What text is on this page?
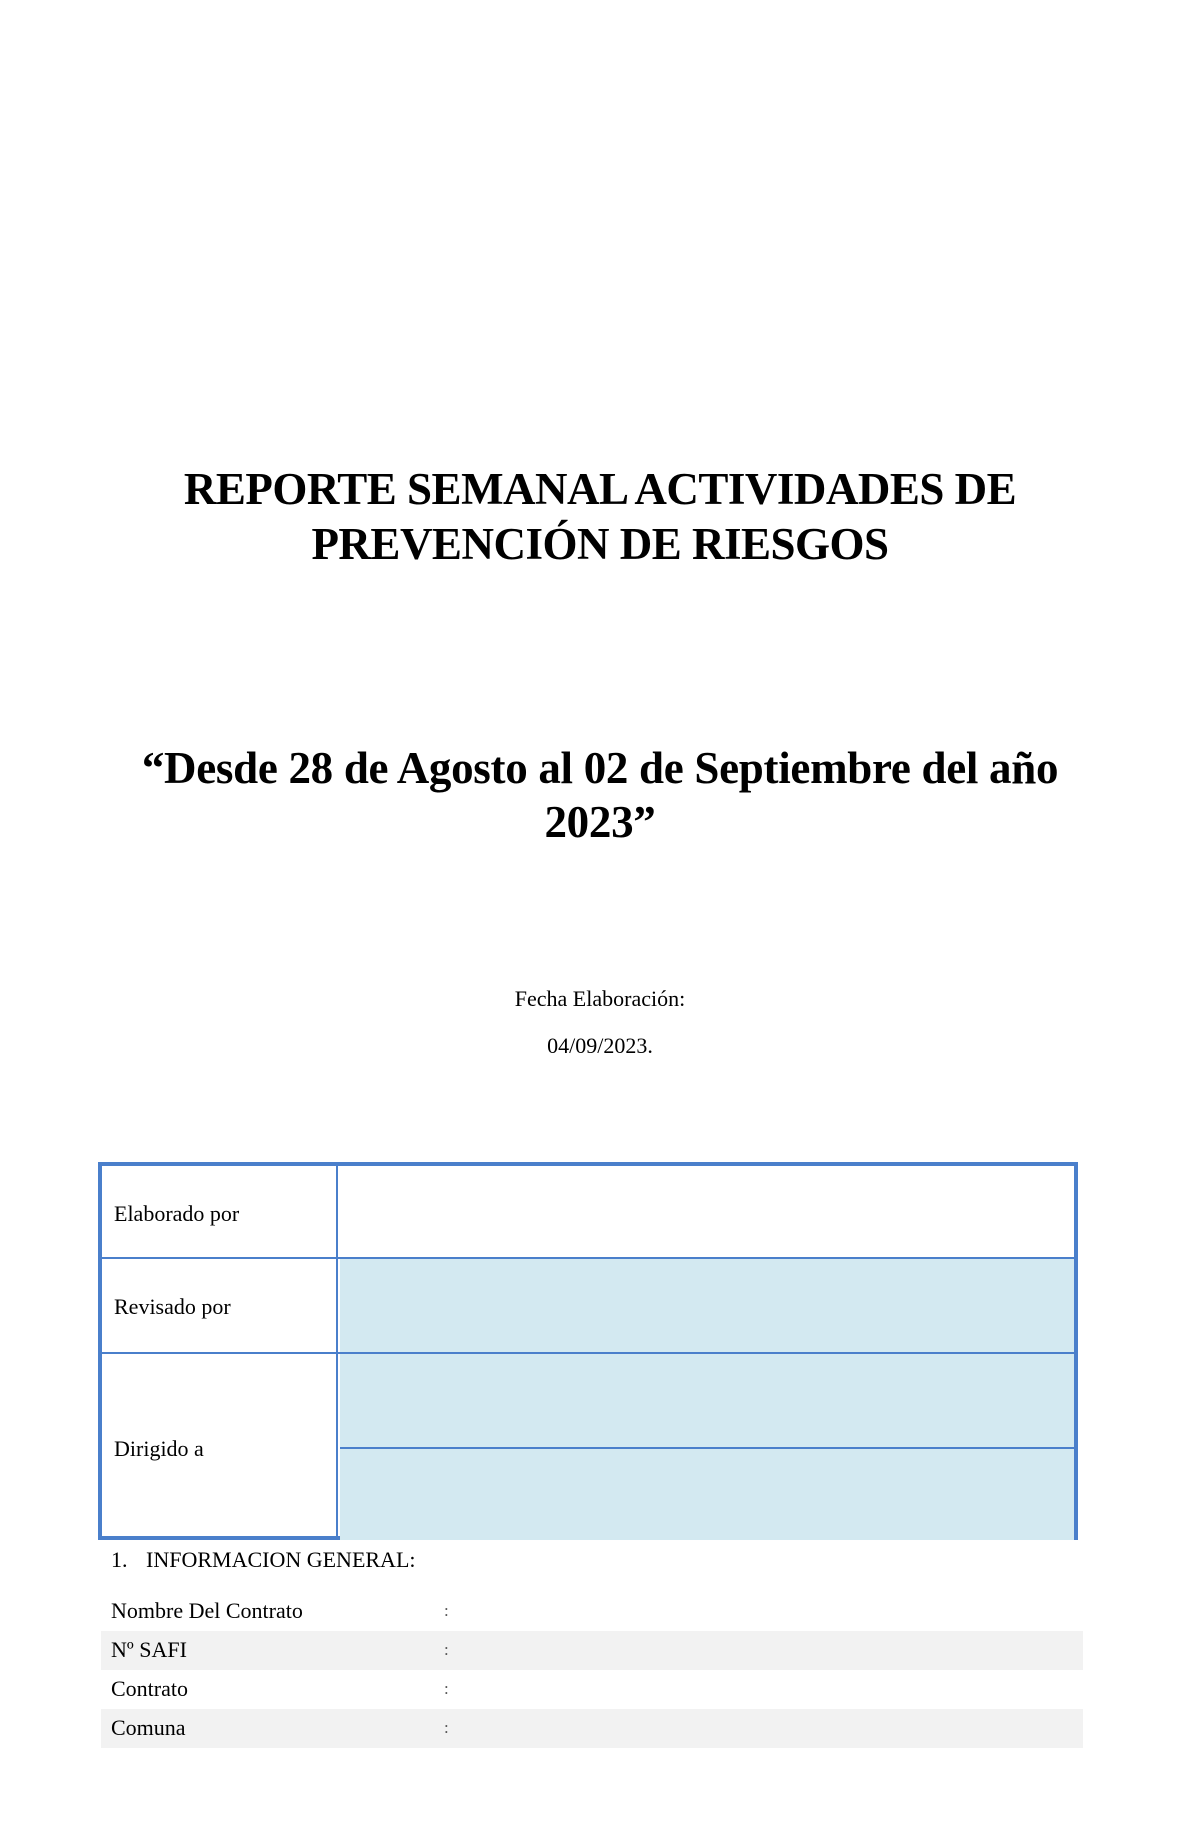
REPORTE SEMANAL ACTIVIDADES DE
PREVENCIÓN DE RIESGOS
“Desde 28 de Agosto al 02 de Septiembre del año
2023”
Fecha Elaboración:
04/09/2023.
Elaborado por
Revisado por
Dirigido a
1. INFORMACION GENERAL:
Nombre Del Contrato	:
Nº SAFI	:
Contrato	:
Comuna	:
